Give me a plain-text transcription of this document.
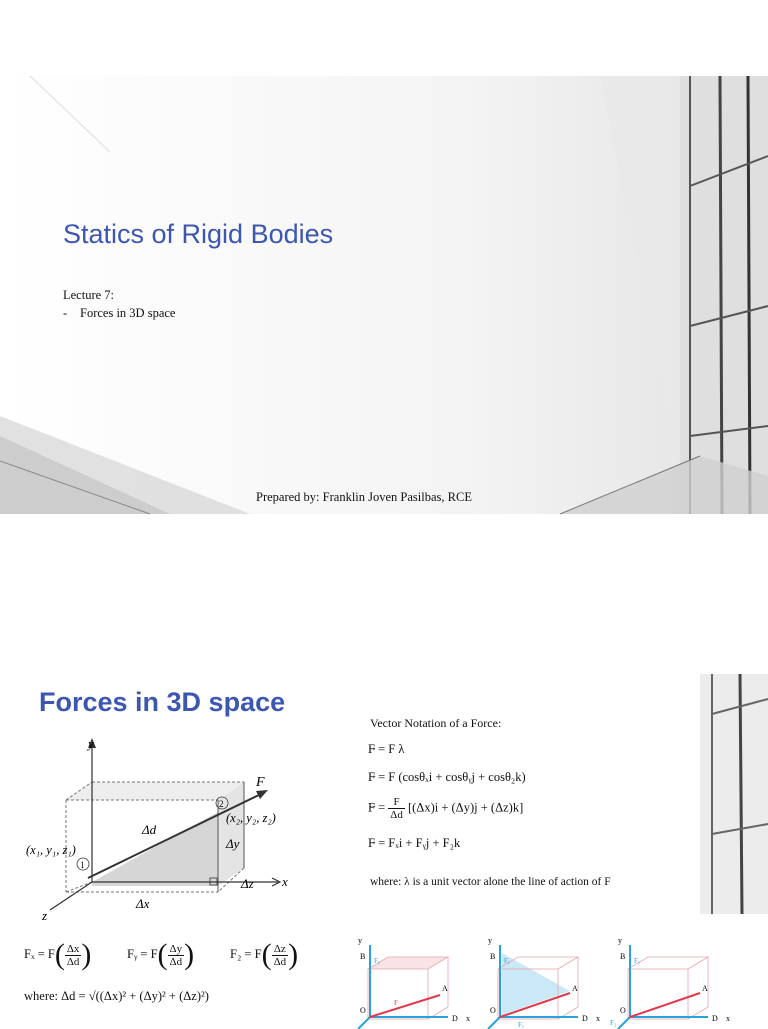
Statics of Rigid Bodies
Lecture 7:
- Forces in 3D space
Prepared by: Franklin Joven Pasilbas, RCE
Forces in 3D space
y
x
z
F
(x₁, y₁, z₁)
(x₂, y₂, z₂)
1
2
Δd
Δx
Δy
Δz
Vector Notation of a Force:
F = F λ
F = F (cosθₓi + cosθᵧj + cosθ₂k)
$F = \frac{F}{\Delta d} [(\Delta x)i + (\Delta y)j + (\Delta z)k]$
F = Fₓi + Fᵧj + F₂k
where: λ is a unit vector alone the line of action of F
$F_x = F( \frac{\Delta x}{\Delta d}$ )	Fᵧ = $F( \frac{\Delta y}{\Delta d}$ )	$F_2 = F( \frac{\Delta z}{\Delta d}$ )
where: Δd = √((Δx)² + (Δy)² + (Δz)²)
y
B
A
O
D x
F
Fᵧ
y
B
A
O
D x
Fₓ
Fᵧ
y
B
A
O
D x
F₂
Fᵧ
